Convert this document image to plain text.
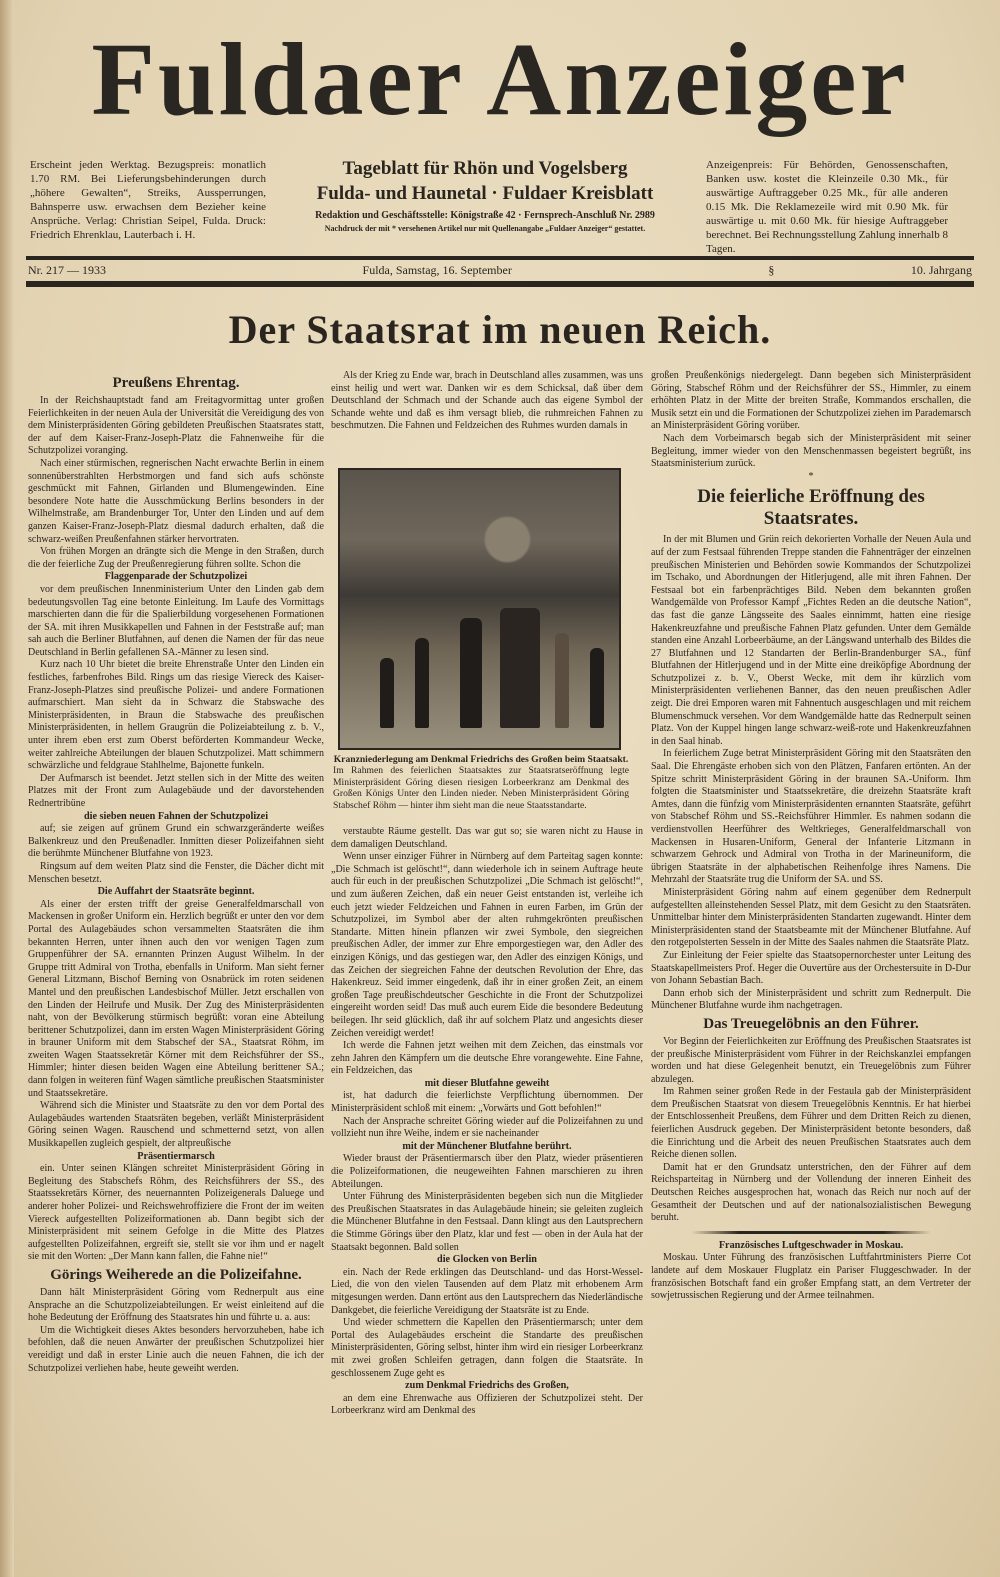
Fuldaer Anzeiger
Erscheint jeden Werktag. Bezugspreis: monatlich 1.70 RM. Bei Lieferungsbehinderungen durch „höhere Gewalten“, Streiks, Aussperrungen, Bahnsperre usw. erwachsen dem Bezieher keine Ansprüche. Verlag: Christian Seipel, Fulda. Druck: Friedrich Ehrenklau, Lauterbach i. H.
Tageblatt für Rhön und Vogelsberg
Fulda- und Haunetal · Fuldaer Kreisblatt
Redaktion und Geschäftsstelle: Königstraße 42 · Fernsprech-Anschluß Nr. 2989
Nachdruck der mit * versehenen Artikel nur mit Quellenangabe „Fuldaer Anzeiger“ gestattet.
Anzeigenpreis: Für Behörden, Genossenschaften, Banken usw. kostet die Kleinzeile 0.30 Mk., für auswärtige Auftraggeber 0.25 Mk., für alle anderen 0.15 Mk. Die Reklamezeile wird mit 0.90 Mk. für auswärtige u. mit 0.60 Mk. für hiesige Auftraggeber berechnet. Bei Rechnungsstellung Zahlung innerhalb 8 Tagen.
Nr. 217 — 1933	Fulda, Samstag, 16. September	§	10. Jahrgang
Der Staatsrat im neuen Reich.
Preußens Ehrentag.

In der Reichshauptstadt fand am Freitagvormittag unter großen Feierlichkeiten in der neuen Aula der Universität die Vereidigung des von dem Ministerpräsidenten Göring gebildeten Preußischen Staatsrates statt, der auf dem Kaiser-Franz-Joseph-Platz die Fahnenweihe für die Schutzpolizei voranging.

Nach einer stürmischen, regnerischen Nacht erwachte Berlin in einem sonnenüberstrahlten Herbstmorgen und fand sich aufs schönste geschmückt mit Fahnen, Girlanden und Blumengewinden. Eine besondere Note hatte die Ausschmückung Berlins besonders in der Wilhelmstraße, am Brandenburger Tor, Unter den Linden und auf dem ganzen Kaiser-Franz-Joseph-Platz diesmal dadurch erhalten, daß die schwarz-weißen Preußenfahnen stärker hervortraten.

Von frühen Morgen an drängte sich die Menge in den Straßen, durch die der feierliche Zug der Preußenregierung führen sollte. Schon die

Flaggenparade der Schutzpolizei

vor dem preußischen Innenministerium Unter den Linden gab dem bedeutungsvollen Tag eine betonte Einleitung. Im Laufe des Vormittags marschierten dann die für die Spalierbildung vorgesehenen Formationen der SA. mit ihren Musikkapellen und Fahnen in der Feststraße auf; man sah auch die Berliner Blutfahnen, auf denen die Namen der für das neue Deutschland in Berlin gefallenen SA.-Männer zu lesen sind.

Kurz nach 10 Uhr bietet die breite Ehrenstraße Unter den Linden ein festliches, farbenfrohes Bild. Rings um das riesige Viereck des Kaiser-Franz-Joseph-Platzes sind preußische Polizei- und andere Formationen aufmarschiert. Man sieht da in Schwarz die Stabswache des Ministerpräsidenten, in Braun die Stabswache des preußischen Ministerpräsidenten, in hellem Graugrün die Polizeiabteilung z. b. V., unter ihrem eben erst zum Oberst beförderten Kommandeur Wecke, weiter zahlreiche Abteilungen der blauen Schutzpolizei. Matt schimmern schwärzliche und feldgraue Stahlhelme, Bajonette funkeln.

Der Aufmarsch ist beendet. Jetzt stellen sich in der Mitte des weiten Platzes mit der Front zum Aulagebäude und der davorstehenden Rednertribüne

die sieben neuen Fahnen der Schutzpolizei

auf; sie zeigen auf grünem Grund ein schwarzgeränderte weißes Balkenkreuz und den Preußenadler. Inmitten dieser Polizeifahnen sieht die berühmte Münchener Blutfahne von 1923.

Ringsum auf dem weiten Platz sind die Fenster, die Dächer dicht mit Menschen besetzt.

Die Auffahrt der Staatsräte beginnt.

Als einer der ersten trifft der greise Generalfeldmarschall von Mackensen in großer Uniform ein. Herzlich begrüßt er unter den vor dem Portal des Aulagebäudes schon versammelten Staatsräten die ihm bekannten Herren, unter ihnen auch den vor wenigen Tagen zum Gruppenführer der SA. ernannten Prinzen August Wilhelm. In der Gruppe tritt Admiral von Trotha, ebenfalls in Uniform. Man sieht ferner General Litzmann, Bischof Berning von Osnabrück im roten seidenen Mantel und den preußischen Landesbischof Müller. Jetzt erschallen von den Linden der Heilrufe und Musik. Der Zug des Ministerpräsidenten naht, von der Bevölkerung stürmisch begrüßt: voran eine Abteilung berittener Schutzpolizei, dann im ersten Wagen Ministerpräsident Göring in brauner Uniform mit dem Stabschef der SA., Staatsrat Röhm, im zweiten Wagen Staatssekretär Körner mit dem Reichsführer der SS., Himmler; hinter diesen beiden Wagen eine Abteilung berittener SA.; dann folgen in weiteren fünf Wagen sämtliche preußischen Staatsminister und Staatssekretäre.

Während sich die Minister und Staatsräte zu den vor dem Portal des Aulagebäudes wartenden Staatsräten begeben, verläßt Ministerpräsident Göring seinen Wagen. Rauschend und schmetternd setzt, von allen Musikkapellen zugleich gespielt, der altpreußische

Präsentiermarsch

ein. Unter seinen Klängen schreitet Ministerpräsident Göring in Begleitung des Stabschefs Röhm, des Reichsführers der SS., des Staatssekretärs Körner, des neuernannten Polizeigenerals Daluege und anderer hoher Polizei- und Reichswehroffiziere die Front der im weiten Viereck aufgestellten Polizeiformationen ab. Dann begibt sich der Ministerpräsident mit seinem Gefolge in die Mitte des Platzes aufgestellten Polizeifahnen, ergreift sie, stellt sie vor ihm und er nagelt sie mit den Worten: „Der Mann kann fallen, die Fahne nie!“

Görings Weiherede an die Polizeifahne.

Dann hält Ministerpräsident Göring vom Rednerpult aus eine Ansprache an die Schutzpolizeiabteilungen. Er weist einleitend auf die hohe Bedeutung der Eröffnung des Staatsrates hin und führte u. a. aus:

Um die Wichtigkeit dieses Aktes besonders hervorzuheben, habe ich befohlen, daß die neuen Anwärter der preußischen Schutzpolizei hier vereidigt und daß in erster Linie auch die neuen Fahnen, die ich der Schutzpolizei verliehen habe, heute geweiht werden.

Als der Krieg zu Ende war, brach in Deutschland alles zusammen, was uns einst heilig und wert war. Danken wir es dem Schicksal, daß über dem Deutschland der Schmach und der Schande auch das eigene Symbol der Schande wehte und daß es ihm versagt blieb, die ruhmreichen Fahnen zu beschmutzen. Die Fahnen und Feldzeichen des Ruhmes wurden damals in

Kranzniederlegung am Denkmal Friedrichs des Großen beim Staatsakt.
Im Rahmen des feierlichen Staatsaktes zur Staatsratseröffnung legte Ministerpräsident Göring diesen riesigen Lorbeerkranz am Denkmal des Großen Königs Unter den Linden nieder. Neben Ministerpräsident Göring Stabschef Röhm — hinter ihm sieht man die neue Staatsstandarte.

verstaubte Räume gestellt. Das war gut so; sie waren nicht zu Hause in dem damaligen Deutschland.

Wenn unser einziger Führer in Nürnberg auf dem Parteitag sagen konnte: „Die Schmach ist gelöscht!“, dann wiederhole ich in seinem Auftrage heute auch für euch in der preußischen Schutzpolizei „Die Schmach ist gelöscht!“, und zum äußeren Zeichen, daß ein neuer Geist entstanden ist, verleihe ich euch jetzt wieder Feldzeichen und Fahnen in euren Farben, im Grün der Schutzpolizei, im Symbol aber der alten ruhmgekrönten preußischen Standarte. Mitten hinein pflanzen wir zwei Symbole, den siegreichen preußischen Adler, der immer zur Ehre emporgestiegen war, den Adler des einzigen Königs, und das gestiegen war, den Adler des einzigen Königs, und das Zeichen der siegreichen Fahne der deutschen Revolution der Ehre, das Hakenkreuz. Seid immer eingedenk, daß ihr in einer großen Zeit, an einem großen Tage preußischdeutscher Geschichte in die Front der Schutzpolizei eingereiht worden seid! Das muß auch eurem Eide die besondere Bedeutung beilegen. Ihr seid glücklich, daß ihr auf solchem Platz und angesichts dieser Zeichen vereidigt werdet!

Ich werde die Fahnen jetzt weihen mit dem Zeichen, das einstmals vor zehn Jahren den Kämpfern um die deutsche Ehre vorangewehte. Eine Fahne, ein Feldzeichen, das

mit dieser Blutfahne geweiht

ist, hat dadurch die feierlichste Verpflichtung übernommen. Der Ministerpräsident schloß mit einem: „Vorwärts und Gott befohlen!“

Nach der Ansprache schreitet Göring wieder auf die Polizeifahnen zu und vollzieht nun ihre Weihe, indem er sie nacheinander

mit der Münchener Blutfahne berührt.

Wieder braust der Präsentiermarsch über den Platz, wieder präsentieren die Polizeiformationen, die neugeweihten Fahnen marschieren zu ihren Abteilungen.

Unter Führung des Ministerpräsidenten begeben sich nun die Mitglieder des Preußischen Staatsrates in das Aulagebäude hinein; sie geleiten zugleich die Münchener Blutfahne in den Festsaal. Dann klingt aus den Lautsprechern die Stimme Görings über den Platz, klar und fest — oben in der Aula hat der Staatsakt begonnen. Bald sollen

die Glocken von Berlin

ein. Nach der Rede erklingen das Deutschland- und das Horst-Wessel-Lied, die von den vielen Tausenden auf dem Platz mit erhobenem Arm mitgesungen werden. Dann ertönt aus den Lautsprechern das Niederländische Dankgebet, die feierliche Vereidigung der Staatsräte ist zu Ende.

Und wieder schmettern die Kapellen den Präsentiermarsch; unter dem Portal des Aulagebäudes erscheint die Standarte des preußischen Ministerpräsidenten, Göring selbst, hinter ihm wird ein riesiger Lorbeerkranz mit zwei großen Schleifen getragen, dann folgen die Staatsräte. In geschlossenem Zuge geht es

zum Denkmal Friedrichs des Großen,

an dem eine Ehrenwache aus Offizieren der Schutzpolizei steht. Der Lorbeerkranz wird am Denkmal des

großen Preußenkönigs niedergelegt. Dann begeben sich Ministerpräsident Göring, Stabschef Röhm und der Reichsführer der SS., Himmler, zu einem erhöhten Platz in der Mitte der breiten Straße, Kommandos erschallen, die Musik setzt ein und die Formationen der Schutzpolizei ziehen im Parademarsch an Ministerpräsident Göring vorüber.

Nach dem Vorbeimarsch begab sich der Ministerpräsident mit seiner Begleitung, immer wieder von den Menschenmassen begeistert begrüßt, ins Staatsministerium zurück.

*
Die feierliche Eröffnung des Staatsrates.

In der mit Blumen und Grün reich dekorierten Vorhalle der Neuen Aula und auf der zum Festsaal führenden Treppe standen die Fahnenträger der einzelnen preußischen Ministerien und Behörden sowie Kommandos der Schutzpolizei im Tschako, und Abordnungen der Hitlerjugend, alle mit ihren Fahnen. Der Festsaal bot ein farbenprächtiges Bild. Neben dem bekannten großen Wandgemälde von Professor Kampf „Fichtes Reden an die deutsche Nation“, das fast die ganze Längsseite des Saales einnimmt, hatten eine riesige Hakenkreuzfahne und preußische Fahnen Platz gefunden. Unter dem Gemälde standen eine Anzahl Lorbeerbäume, an der Längswand unterhalb des Bildes die 27 Blutfahnen und 12 Standarten der Berlin-Brandenburger SA., fünf Blutfahnen der Hitlerjugend und in der Mitte eine dreiköpfige Abordnung der Schutzpolizei z. b. V., Oberst Wecke, mit dem ihr kürzlich vom Ministerpräsidenten verliehenen Banner, das den neuen preußischen Adler zeigt. Die drei Emporen waren mit Fahnentuch ausgeschlagen und mit reichem Blumenschmuck versehen. Vor dem Wandgemälde hatte das Rednerpult seinen Platz. Von der Kuppel hingen lange schwarz-weiß-rote und Hakenkreuzfahnen in den Saal hinab.

In feierlichem Zuge betrat Ministerpräsident Göring mit den Staatsräten den Saal. Die Ehrengäste erhoben sich von den Plätzen, Fanfaren ertönten. An der Spitze schritt Ministerpräsident Göring in der braunen SA.-Uniform. Ihm folgten die Staatsminister und Staatssekretäre, die dreizehn Staatsräte kraft Amtes, dann die fünfzig vom Ministerpräsidenten ernannten Staatsräte, geführt von Stabschef Röhm und SS.-Reichsführer Himmler. Es nahmen sodann die verdienstvollen Heerführer des Weltkrieges, Generalfeldmarschall von Mackensen in Husaren-Uniform, General der Infanterie Litzmann in schwarzem Gehrock und Admiral von Trotha in der Marineuniform, die übrigen Staatsräte in der alphabetischen Reihenfolge ihres Namens. Die Mehrzahl der Staatsräte trug die Uniform der SA. und SS.

Ministerpräsident Göring nahm auf einem gegenüber dem Rednerpult aufgestellten alleinstehenden Sessel Platz, mit dem Gesicht zu den Staatsräten. Unmittelbar hinter dem Ministerpräsidenten Standarten zugewandt. Hinter dem Ministerpräsidenten stand der Staatsbeamte mit der Münchener Blutfahne. Auf den rotgepolsterten Sesseln in der Mitte des Saales nahmen die Staatsräte Platz.

Zur Einleitung der Feier spielte das Staatsopernorchester unter Leitung des Staatskapellmeisters Prof. Heger die Ouvertüre aus der Orchestersuite in D-Dur von Johann Sebastian Bach.

Dann erhob sich der Ministerpräsident und schritt zum Rednerpult. Die Münchener Blutfahne wurde ihm nachgetragen.

Das Treuegelöbnis an den Führer.

Vor Beginn der Feierlichkeiten zur Eröffnung des Preußischen Staatsrates ist der preußische Ministerpräsident vom Führer in der Reichskanzlei empfangen worden und hat diese Gelegenheit benutzt, ein Treuegelöbnis zum Führer abzulegen.

Im Rahmen seiner großen Rede in der Festaula gab der Ministerpräsident dem Preußischen Staatsrat von diesem Treuegelöbnis Kenntnis. Er hat hierbei der Entschlossenheit Preußens, dem Führer und dem Dritten Reich zu dienen, feierlichen Ausdruck gegeben. Der Ministerpräsident betonte besonders, daß die Einrichtung und die Arbeit des neuen Preußischen Staatsrates auch dem Reiche dienen sollen.

Damit hat er den Grundsatz unterstrichen, den der Führer auf dem Reichsparteitag in Nürnberg und der Vollendung der inneren Einheit des Deutschen Reiches ausgesprochen hat, wonach das Reich nur noch auf der Gesamtheit der Deutschen und auf der nationalsozialistischen Bewegung beruht.

Französisches Luftgeschwader in Moskau.

Moskau. Unter Führung des französischen Luftfahrtministers Pierre Cot landete auf dem Moskauer Flugplatz ein Pariser Fluggeschwader. In der französischen Botschaft fand ein großer Empfang statt, an dem Vertreter der sowjetrussischen Regierung und der Armee teilnahmen.
